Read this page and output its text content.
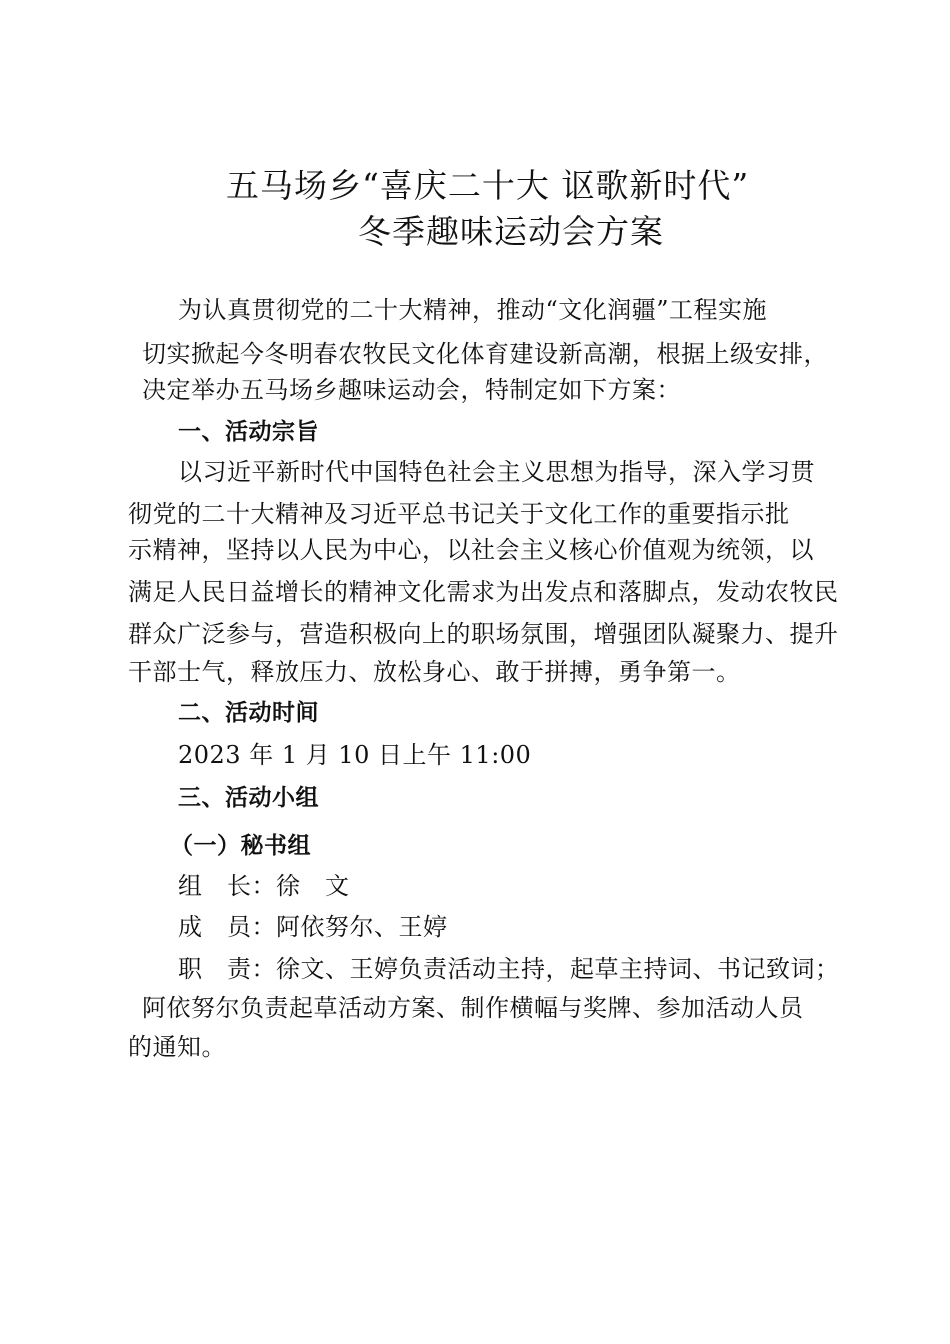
五马场乡“喜庆二十大 讴歌新时代”
冬季趣味运动会方案
为认真贯彻党的二十大精神，推动“文化润疆”工程实施
切实掀起今冬明春农牧民文化体育建设新高潮，根据上级安排，
决定举办五马场乡趣味运动会，特制定如下方案：
一、活动宗旨
以习近平新时代中国特色社会主义思想为指导，深入学习贯
彻党的二十大精神及习近平总书记关于文化工作的重要指示批
示精神，坚持以人民为中心，以社会主义核心价值观为统领，以
满足人民日益增长的精神文化需求为出发点和落脚点，发动农牧民
群众广泛参与，营造积极向上的职场氛围，增强团队凝聚力、提升
干部士气，释放压力、放松身心、敢于拼搏，勇争第一。
二、活动时间
2023 年 1 月 10 日上午 11:00
三、活动小组
（一）秘书组
组　长：徐　文
成　员：阿依努尔、王婷
职　责：徐文、王婷负责活动主持，起草主持词、书记致词；
阿依努尔负责起草活动方案、制作横幅与奖牌、参加活动人员
的通知。
